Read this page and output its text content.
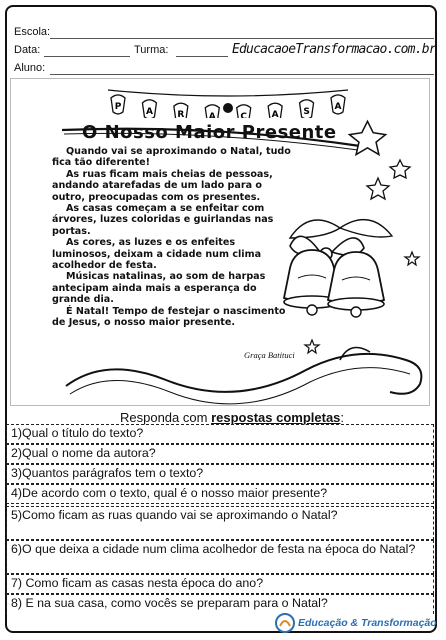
Escola:
Data:	Turma:	EducacaoeTransformacao.com.br
Aluno:
P	A	R	A	C	A	S	A
O Nosso Maior Presente

Quando vai se aproximando o Natal, tudo fica tão diferente!

As ruas ficam mais cheias de pessoas, andando atarefadas de um lado para o outro, preocupadas com os presentes.

As casas começam a se enfeitar com árvores, luzes coloridas e guirlandas nas portas.

As cores, as luzes e os enfeites luminosos, deixam a cidade num clima acolhedor de festa.

Músicas natalinas, ao som de harpas antecipam ainda mais a esperança do grande dia.

É Natal! Tempo de festejar o nascimento de Jesus, o nosso maior presente.

Graça Batituci
Responda com respostas completas:
1)Qual o título do texto?
2)Qual o nome da autora?
3)Quantos parágrafos tem o texto?
4)De acordo com o texto, qual é o nosso maior presente?
5)Como ficam as ruas quando vai se aproximando o Natal?
6)O que deixa a cidade num clima acolhedor de festa na época do Natal?
7) Como ficam as casas nesta época do ano?
8) E na sua casa, como vocês se preparam para o Natal?
Educação & Transformação
